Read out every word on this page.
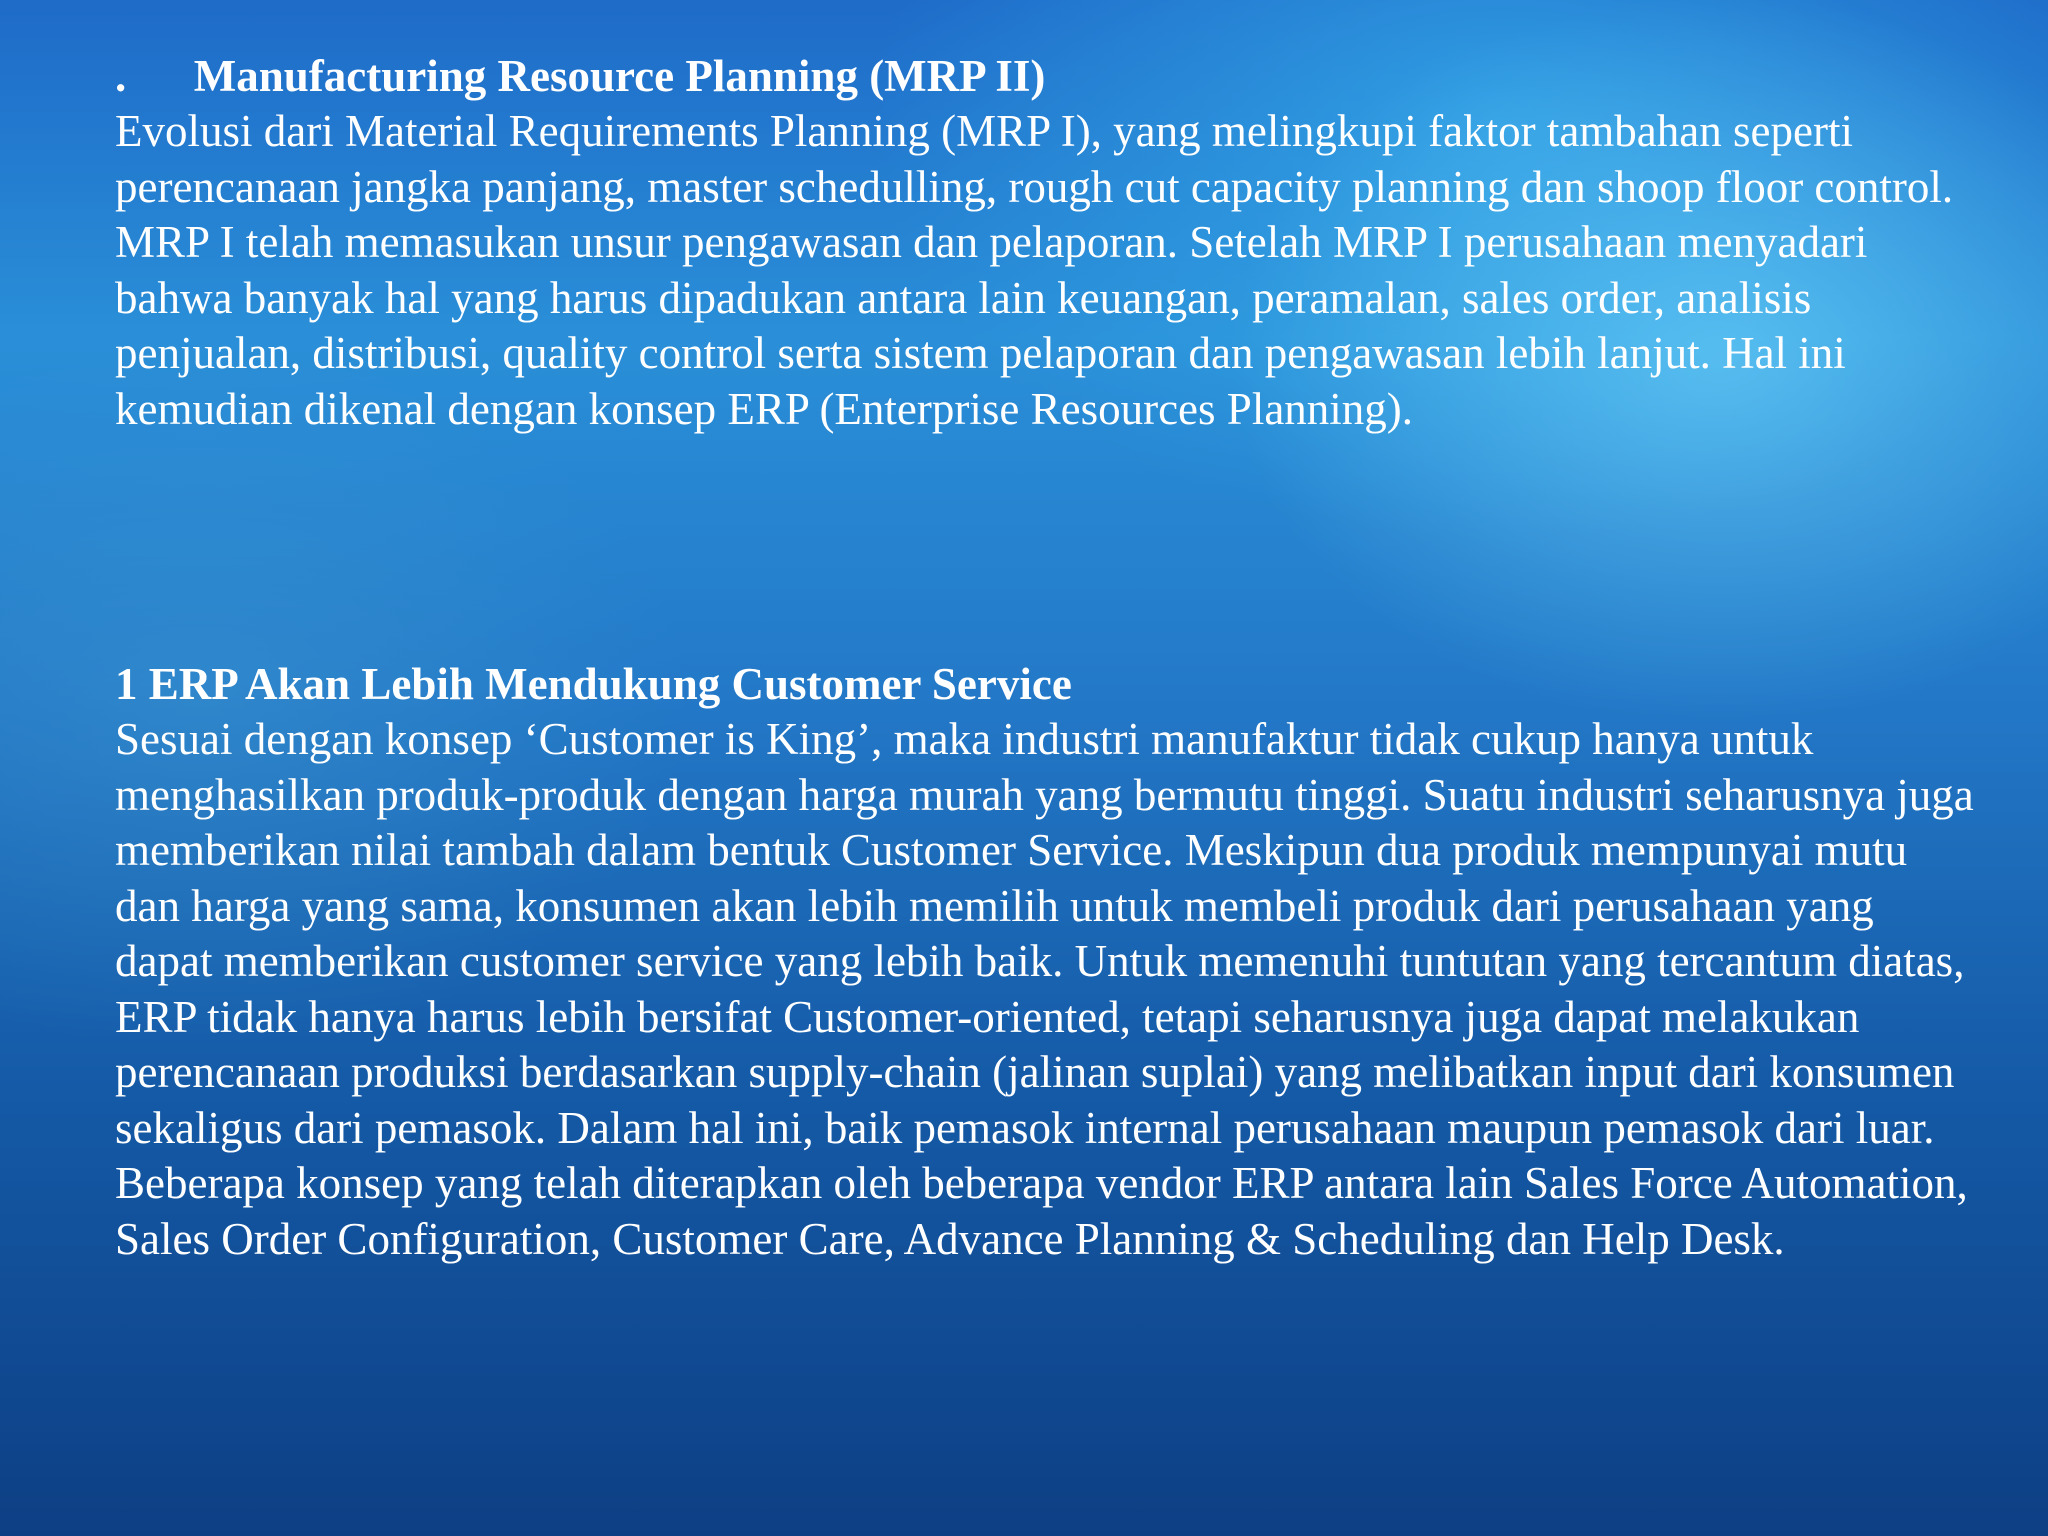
.      Manufacturing Resource Planning (MRP II)

Evolusi dari Material Requirements Planning (MRP I), yang melingkupi faktor tambahan seperti perencanaan jangka panjang, master schedulling, rough cut capacity planning dan shoop floor control. MRP I telah memasukan unsur pengawasan dan pelaporan. Setelah MRP I perusahaan menyadari bahwa banyak hal yang harus dipadukan antara lain keuangan, peramalan, sales order, analisis penjualan, distribusi, quality control serta sistem pelaporan dan pengawasan lebih lanjut. Hal ini kemudian dikenal dengan konsep ERP (Enterprise Resources Planning).

1 ERP Akan Lebih Mendukung Customer Service

Sesuai dengan konsep ‘Customer is King’, maka industri manufaktur tidak cukup hanya untuk menghasilkan produk-produk dengan harga murah yang bermutu tinggi. Suatu industri seharusnya juga memberikan nilai tambah dalam bentuk Customer Service. Meskipun dua produk mempunyai mutu dan harga yang sama, konsumen akan lebih memilih untuk membeli produk dari perusahaan yang dapat memberikan customer service yang lebih baik. Untuk memenuhi tuntutan yang tercantum diatas, ERP tidak hanya harus lebih bersifat Customer-oriented, tetapi seharusnya juga dapat melakukan perencanaan produksi berdasarkan supply-chain (jalinan suplai) yang melibatkan input dari konsumen sekaligus dari pemasok. Dalam hal ini, baik pemasok internal perusahaan maupun pemasok dari luar. Beberapa konsep yang telah diterapkan oleh beberapa vendor ERP antara lain Sales Force Automation, Sales Order Configuration, Customer Care, Advance Planning & Scheduling dan Help Desk.
